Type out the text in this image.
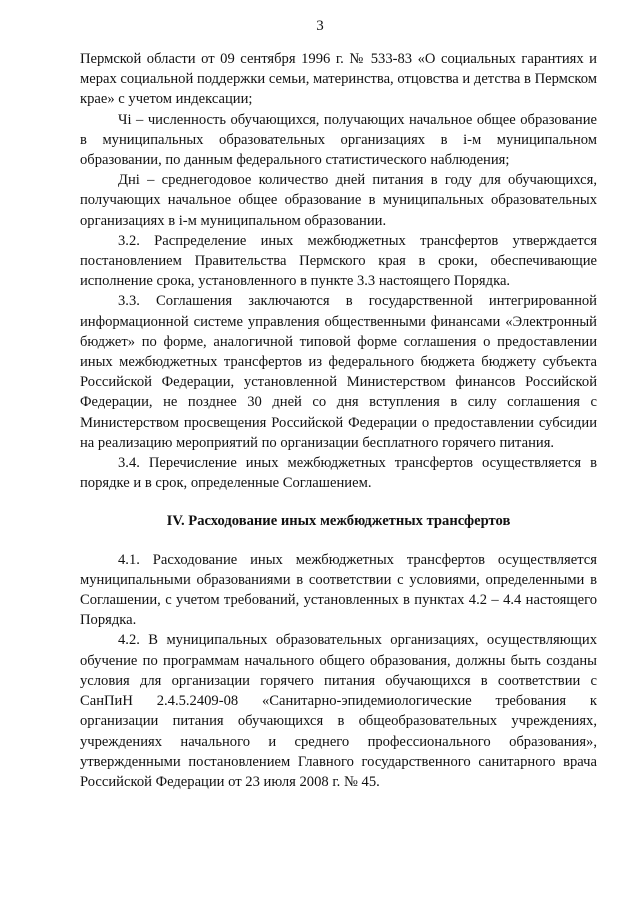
3

Пермской области от 09 сентября 1996 г. № 533-83 «О социальных гарантиях и мерах социальной поддержки семьи, материнства, отцовства и детства в Пермском крае» с учетом индексации;

Чi – численность обучающихся, получающих начальное общее образование в муниципальных образовательных организациях в i-м муниципальном образовании, по данным федерального статистического наблюдения;

Днi – среднегодовое количество дней питания в году для обучающихся, получающих начальное общее образование в муниципальных образовательных организациях в i-м муниципальном образовании.

3.2. Распределение иных межбюджетных трансфертов утверждается постановлением Правительства Пермского края в сроки, обеспечивающие исполнение срока, установленного в пункте 3.3 настоящего Порядка.

3.3. Соглашения заключаются в государственной интегрированной информационной системе управления общественными финансами «Электронный бюджет» по форме, аналогичной типовой форме соглашения о предоставлении иных межбюджетных трансфертов из федерального бюджета бюджету субъекта Российской Федерации, установленной Министерством финансов Российской Федерации, не позднее 30 дней со дня вступления в силу соглашения с Министерством просвещения Российской Федерации о предоставлении субсидии на реализацию мероприятий по организации бесплатного горячего питания.

3.4. Перечисление иных межбюджетных трансфертов осуществляется в порядке и в срок, определенные Соглашением.

IV. Расходование иных межбюджетных трансфертов

4.1. Расходование иных межбюджетных трансфертов осуществляется муниципальными образованиями в соответствии с условиями, определенными в Соглашении, с учетом требований, установленных в пунктах 4.2 – 4.4 настоящего Порядка.

4.2. В муниципальных образовательных организациях, осуществляющих обучение по программам начального общего образования, должны быть созданы условия для организации горячего питания обучающихся в соответствии с СанПиН 2.4.5.2409-08 «Санитарно-эпидемиологические требования к организации питания обучающихся в общеобразовательных учреждениях, учреждениях начального и среднего профессионального образования», утвержденными постановлением Главного государственного санитарного врача Российской Федерации от 23 июля 2008 г. № 45.
